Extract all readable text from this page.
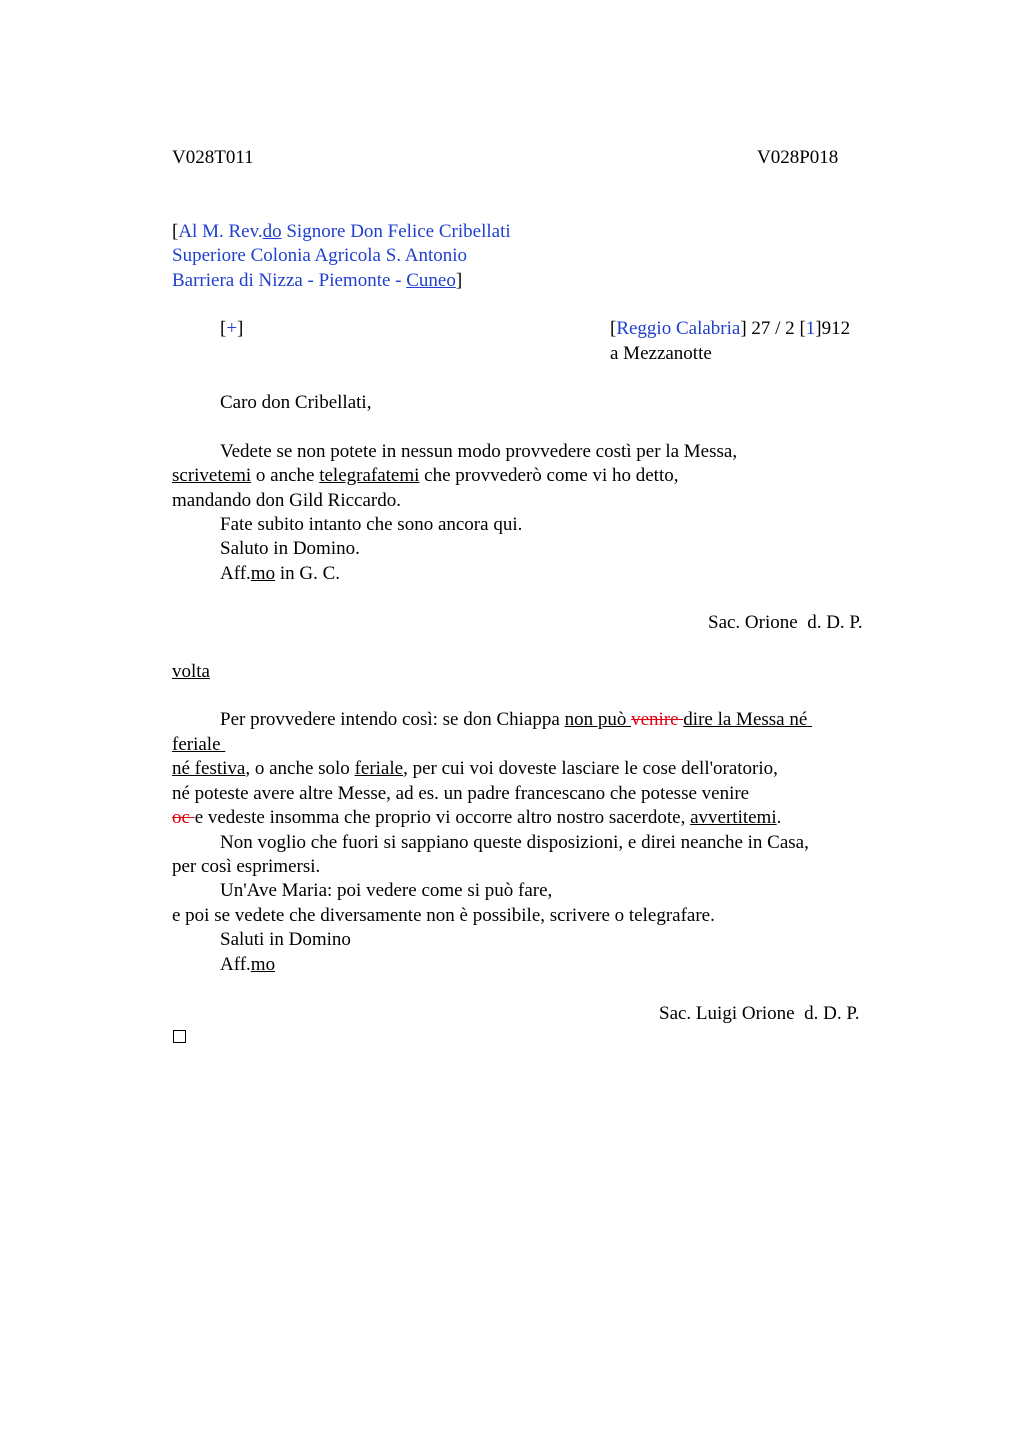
V028T011	V028P018
[Al M. Rev.do Signore Don Felice Cribellati
Superiore Colonia Agricola S. Antonio
Barriera di Nizza - Piemonte - Cuneo]
[+]	[Reggio Calabria] 27 / 2 [1]912
a Mezzanotte
Caro don Cribellati,
Vedete se non potete in nessun modo provvedere costì per la Messa,
scrivetemi o anche telegrafatemi che provvederò come vi ho detto,
mandando don Gild Riccardo.
Fate subito intanto che sono ancora qui.
Saluto in Domino.
Aff.mo in G. C.
Sac. Orione  d. D. P.
volta
Per provvedere intendo così: se don Chiappa non può venire dire la Messa né
feriale
né festiva, o anche solo feriale, per cui voi doveste lasciare le cose dell'oratorio,
né poteste avere altre Messe, ad es. un padre francescano che potesse venire
oc e vedeste insomma che proprio vi occorre altro nostro sacerdote, avvertitemi.
Non voglio che fuori si sappiano queste disposizioni, e direi neanche in Casa,
per così esprimersi.
Un'Ave Maria: poi vedere come si può fare,
e poi se vedete che diversamente non è possibile, scrivere o telegrafare.
Saluti in Domino
Aff.mo
Sac. Luigi Orione  d. D. P.
